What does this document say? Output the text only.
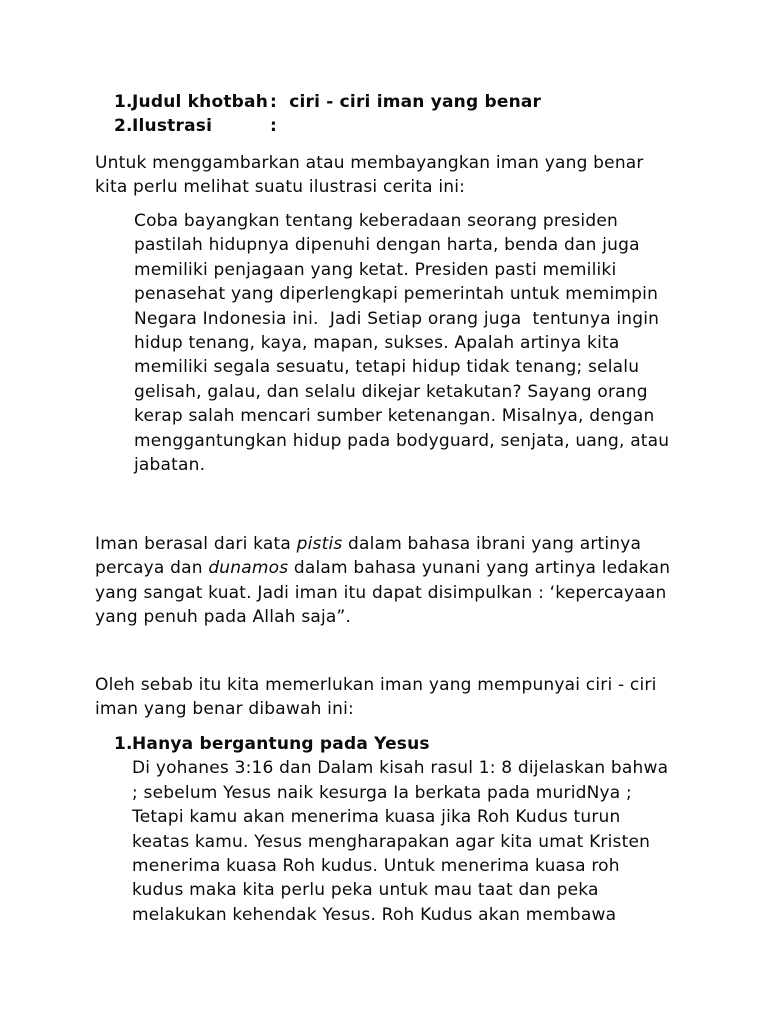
1. Judul khotbah : ciri - ciri iman yang benar
2. Ilustrasi	:
Untuk menggambarkan atau membayangkan iman yang benar
kita perlu melihat suatu ilustrasi cerita ini:
Coba bayangkan tentang keberadaan seorang presiden
pastilah hidupnya dipenuhi dengan harta, benda dan juga
memiliki penjagaan yang ketat. Presiden pasti memiliki
penasehat yang diperlengkapi pemerintah untuk memimpin
Negara Indonesia ini.  Jadi Setiap orang juga  tentunya ingin
hidup tenang, kaya, mapan, sukses. Apalah artinya kita
memiliki segala sesuatu, tetapi hidup tidak tenang; selalu
gelisah, galau, dan selalu dikejar ketakutan? Sayang orang
kerap salah mencari sumber ketenangan. Misalnya, dengan
menggantungkan hidup pada bodyguard, senjata, uang, atau
jabatan.
Iman berasal dari kata pistis dalam bahasa ibrani yang artinya
percaya dan dunamos dalam bahasa yunani yang artinya ledakan
yang sangat kuat. Jadi iman itu dapat disimpulkan : ‘kepercayaan
yang penuh pada Allah saja”.
Oleh sebab itu kita memerlukan iman yang mempunyai ciri - ciri
iman yang benar dibawah ini:
1. Hanya bergantung pada Yesus
Di yohanes 3:16 dan Dalam kisah rasul 1: 8 dijelaskan bahwa
; sebelum Yesus naik kesurga Ia berkata pada muridNya ;
Tetapi kamu akan menerima kuasa jika Roh Kudus turun
keatas kamu. Yesus mengharapakan agar kita umat Kristen
menerima kuasa Roh kudus. Untuk menerima kuasa roh
kudus maka kita perlu peka untuk mau taat dan peka
melakukan kehendak Yesus. Roh Kudus akan membawa
